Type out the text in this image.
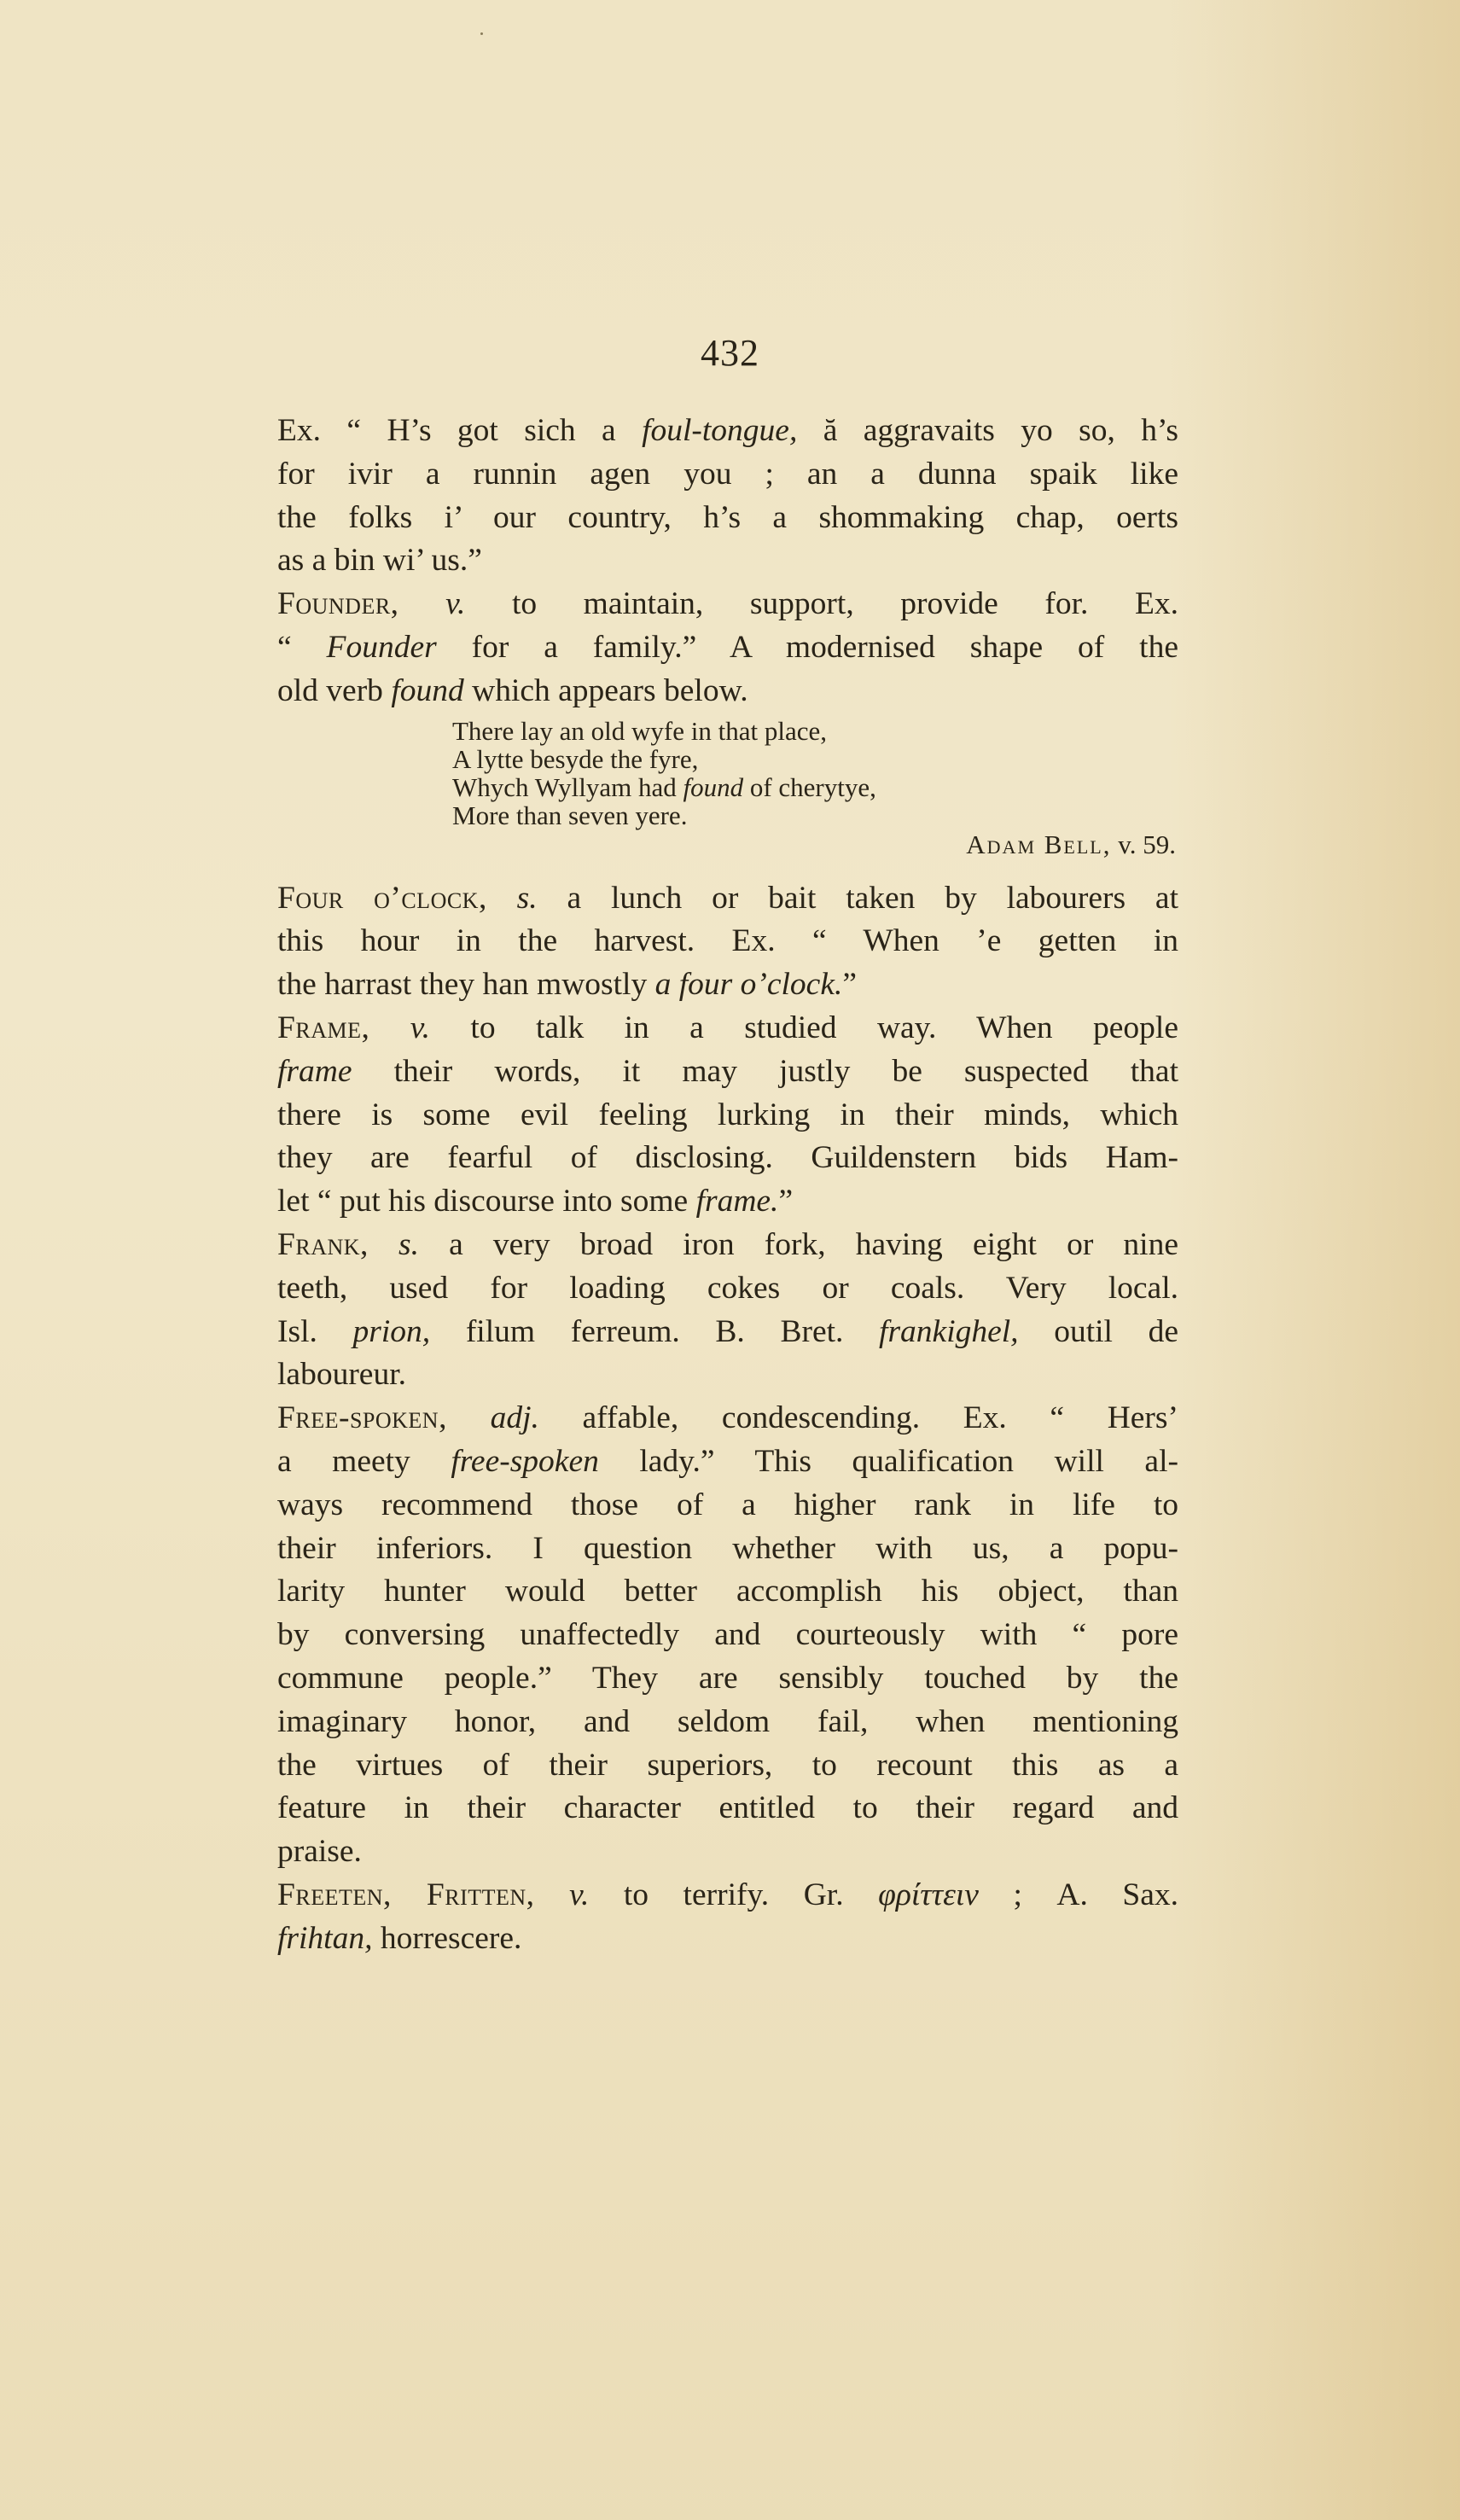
432
Ex. “ H’s got sich a foul-tongue, ă aggravaits yo so, h’s
for ivir a runnin agen you ; an a dunna spaik like
the folks i’ our country, h’s a shommaking chap, oerts
as a bin wi’ us.”
Founder, v. to maintain, support, provide for. Ex.
“ Founder for a family.” A modernised shape of the
old verb found which appears below.
There lay an old wyfe in that place,
A lytte besyde the fyre,
Whych Wyllyam had found of cherytye,
More than seven yere.
Adam Bell, v. 59.
Four o’clock, s. a lunch or bait taken by labourers at
this hour in the harvest. Ex. “ When ’e getten in
the harrast they han mwostly a four o’clock.”
Frame, v. to talk in a studied way. When people
frame their words, it may justly be suspected that
there is some evil feeling lurking in their minds, which
they are fearful of disclosing. Guildenstern bids Ham-
let “ put his discourse into some frame.”
Frank, s. a very broad iron fork, having eight or nine
teeth, used for loading cokes or coals. Very local.
Isl. prion, filum ferreum. B. Bret. frankighel, outil de
laboureur.
Free-spoken, adj. affable, condescending. Ex. “ Hers’
a meety free-spoken lady.” This qualification will al-
ways recommend those of a higher rank in life to
their inferiors. I question whether with us, a popu-
larity hunter would better accomplish his object, than
by conversing unaffectedly and courteously with “ pore
commune people.” They are sensibly touched by the
imaginary honor, and seldom fail, when mentioning
the virtues of their superiors, to recount this as a
feature in their character entitled to their regard and
praise.
Freeten, Fritten, v. to terrify. Gr. φρίττειν ; A. Sax.
frihtan, horrescere.
